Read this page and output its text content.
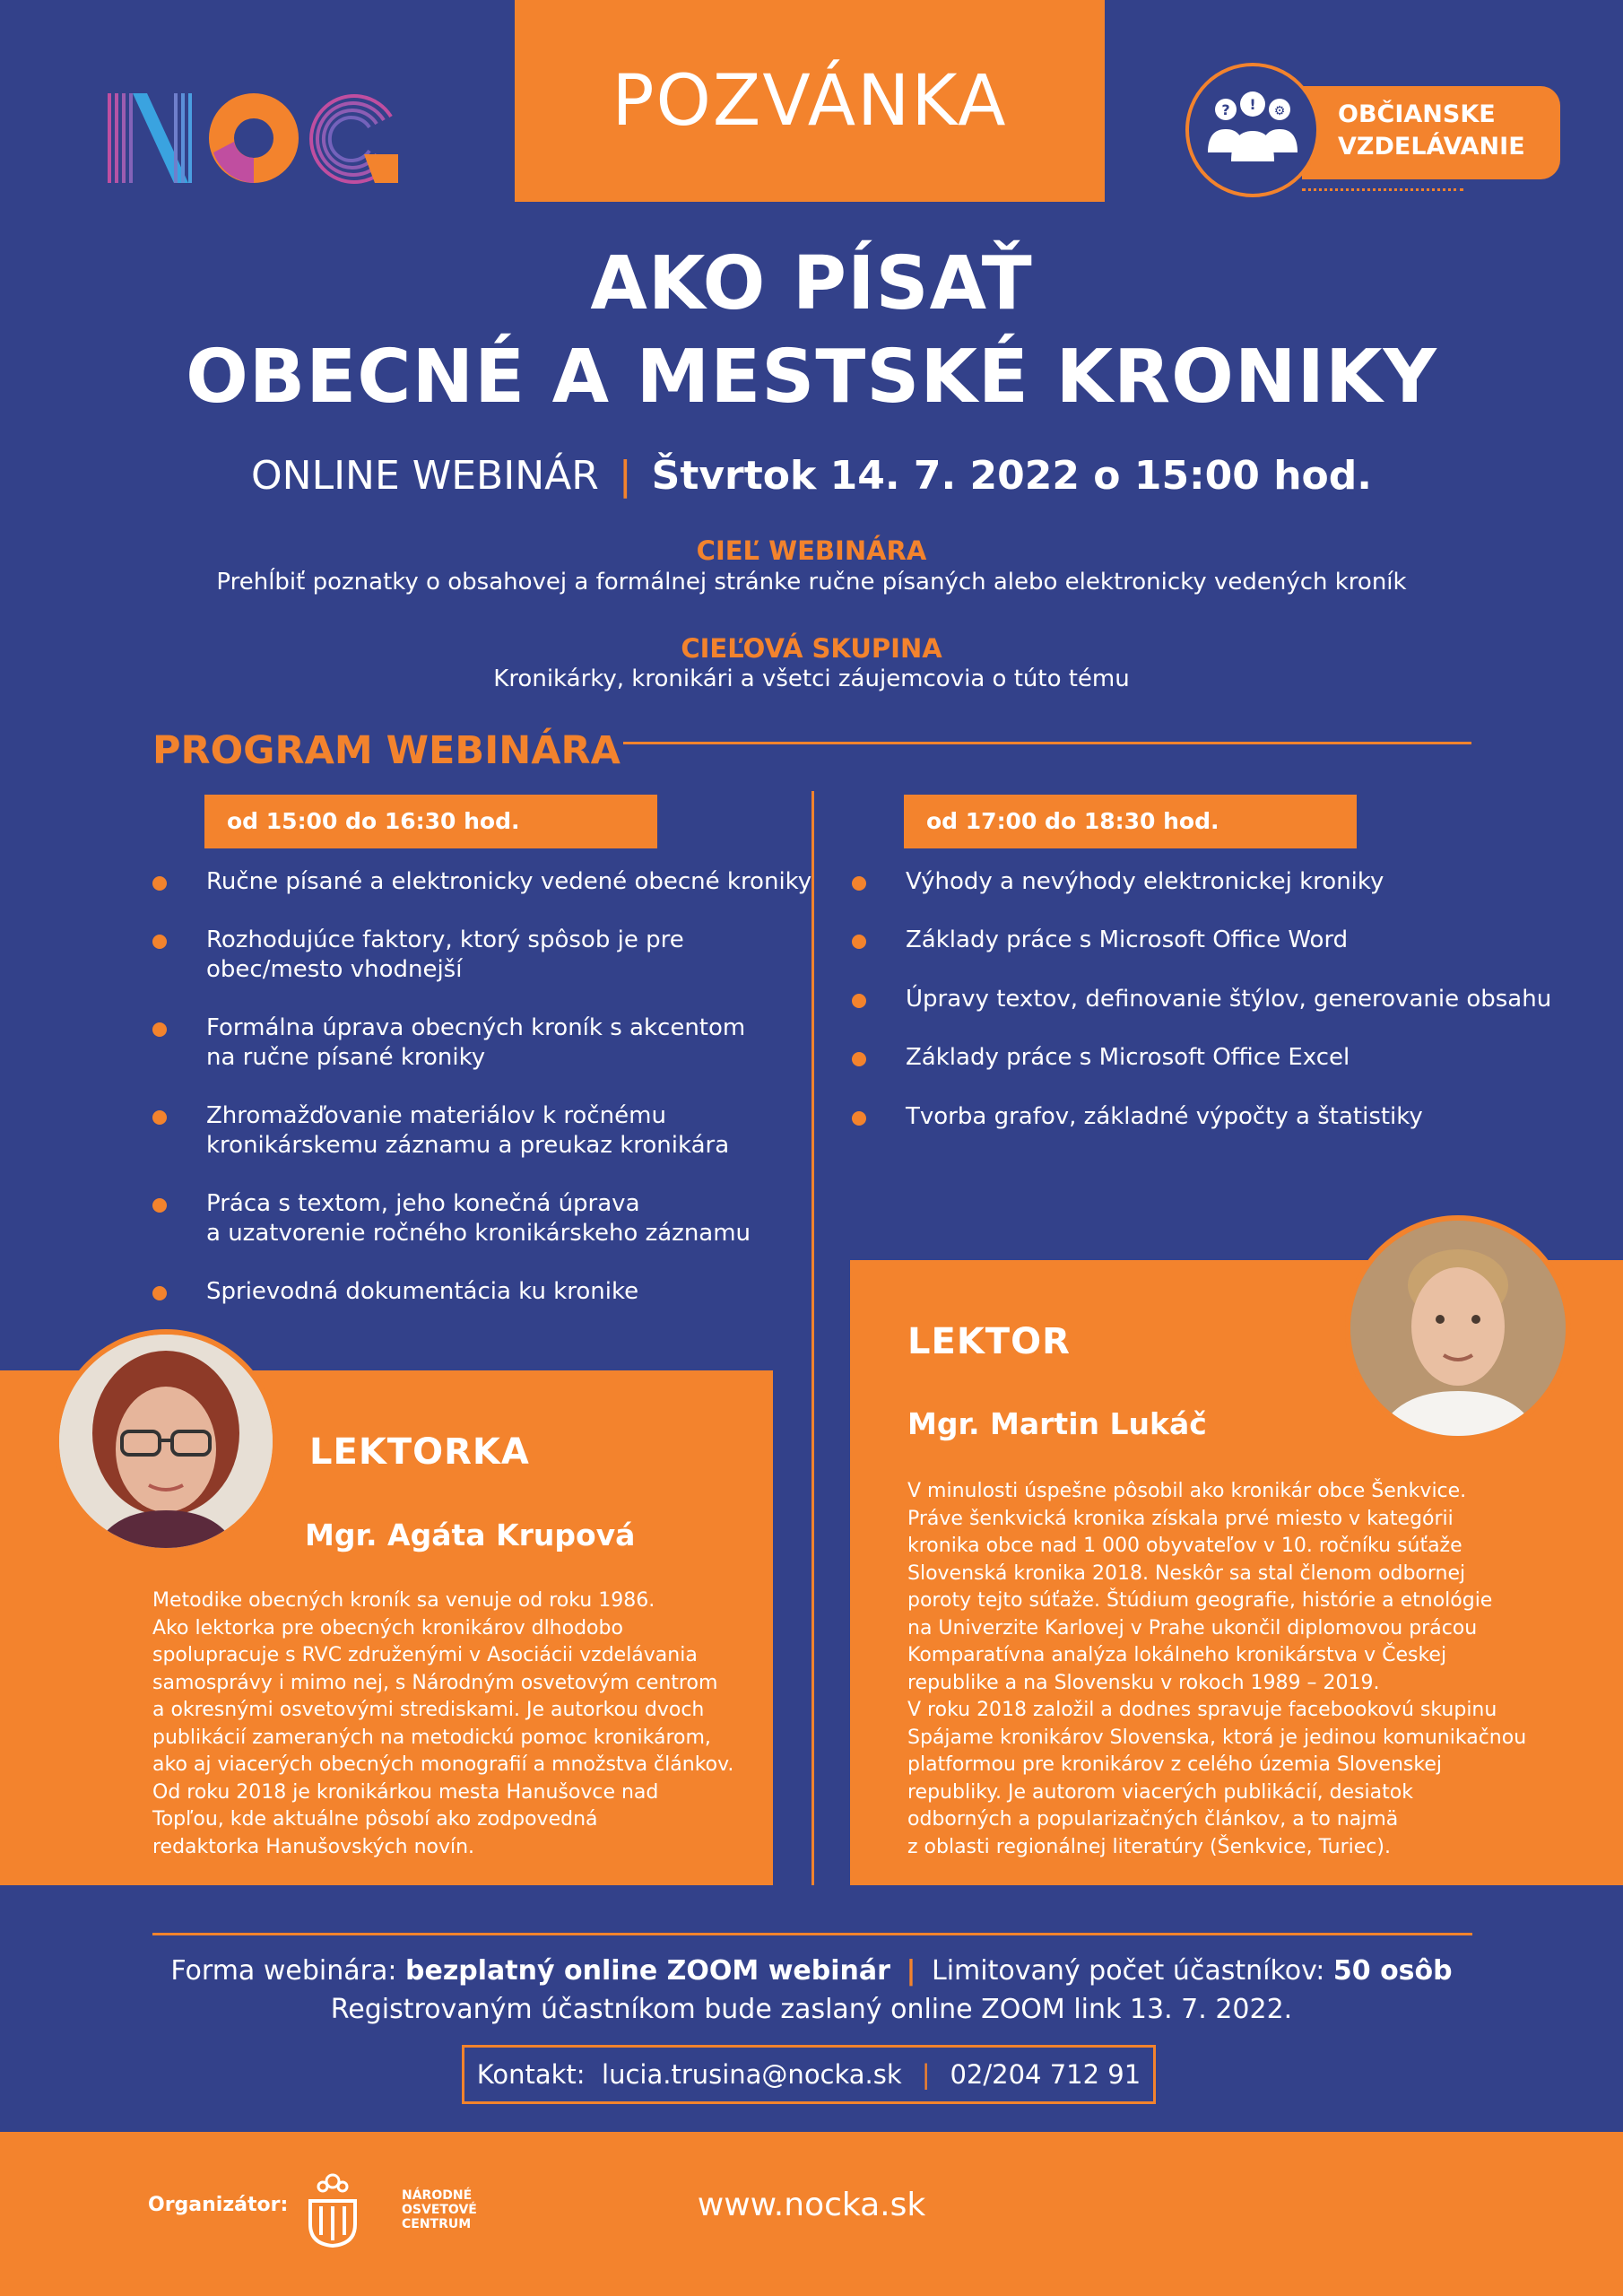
POZVÁNKA	OBČIANSKE
VZDELÁVANIE
? ! ⚙
AKO PÍSAŤ
OBECNÉ A MESTSKÉ KRONIKY
ONLINE WEBINÁR | Štvrtok 14. 7. 2022 o 15:00 hod.
CIEĽ WEBINÁRA
Prehĺbiť poznatky o obsahovej a formálnej stránke ručne písaných alebo elektronicky vedených kroník
CIEĽOVÁ SKUPINA
Kronikárky, kronikári a všetci záujemcovia o túto tému
PROGRAM WEBINÁRA
od 15:00 do 16:30 hod.	od 17:00 do 18:30 hod.
Ručne písané a elektronicky vedené obecné kroniky
Rozhodujúce faktory, ktorý spôsob je pre
obec/mesto vhodnejší
Formálna úprava obecných kroník s akcentom
na ručne písané kroniky
Zhromažďovanie materiálov k ročnému
kronikárskemu záznamu a preukaz kronikára
Práca s textom, jeho konečná úprava
a uzatvorenie ročného kronikárskeho záznamu
Sprievodná dokumentácia ku kronike
Výhody a nevýhody elektronickej kroniky
Základy práce s Microsoft Office Word
Úpravy textov, definovanie štýlov, generovanie obsahu
Základy práce s Microsoft Office Excel
Tvorba grafov, základné výpočty a štatistiky
LEKTORKA
Mgr. Agáta Krupová
Metodike obecných kroník sa venuje od roku 1986.
Ako lektorka pre obecných kronikárov dlhodobo
spolupracuje s RVC združenými v Asociácii vzdelávania
samosprávy i mimo nej, s Národným osvetovým centrom
a okresnými osvetovými strediskami. Je autorkou dvoch
publikácií zameraných na metodickú pomoc kronikárom,
ako aj viacerých obecných monografií a množstva článkov.
Od roku 2018 je kronikárkou mesta Hanušovce nad
Topľou, kde aktuálne pôsobí ako zodpovedná
redaktorka Hanušovských novín.
LEKTOR
Mgr. Martin Lukáč
V minulosti úspešne pôsobil ako kronikár obce Šenkvice.
Práve šenkvická kronika získala prvé miesto v kategórii
kronika obce nad 1 000 obyvateľov v 10. ročníku súťaže
Slovenská kronika 2018. Neskôr sa stal členom odbornej
poroty tejto súťaže. Štúdium geografie, histórie a etnológie
na Univerzite Karlovej v Prahe ukončil diplomovou prácou
Komparatívna analýza lokálneho kronikárstva v Českej
republike a na Slovensku v rokoch 1989 – 2019.
V roku 2018 založil a dodnes spravuje facebookovú skupinu
Spájame kronikárov Slovenska, ktorá je jedinou komunikačnou
platformou pre kronikárov z celého územia Slovenskej
republiky. Je autorom viacerých publikácií, desiatok
odborných a popularizačných článkov, a to najmä
z oblasti regionálnej literatúry (Šenkvice, Turiec).
Forma webinára: bezplatný online ZOOM webinár | Limitovaný počet účastníkov: 50 osôb
Registrovaným účastníkom bude zaslaný online ZOOM link 13. 7. 2022.
Kontakt:
lucia.trusina@nocka.sk | 02/204 712 91
Organizátor:	NÁRODNÉ
OSVETOVÉ
CENTRUM
www.nocka.sk
